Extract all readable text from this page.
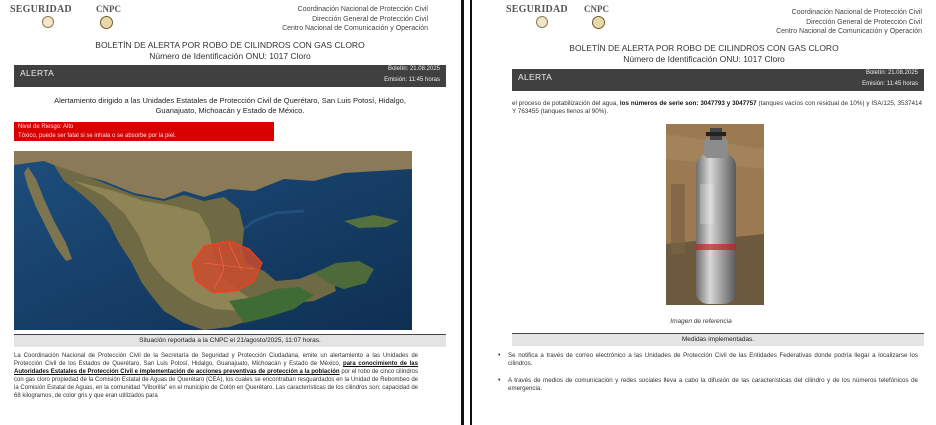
SEGURIDAD	CNPC	Coordinación Nacional de Protección Civil
Dirección General de Protección Civil
Centro Nacional de Comunicación y Operación
BOLETÍN DE ALERTA POR ROBO DE CILINDROS CON GAS CLORO
Número de Identificación ONU: 1017 Cloro
ALERTA	Boletín: 21.08.2025
Emisión: 11:45 horas
Alertamiento dirigido a las Unidades Estatales de Protección Civil de Querétaro, San Luis Potosí, Hidalgo, Guanajuato, Michoacán y Estado de México.
Nivel de Riesgo: Alto
Tóxico, puede ser fatal si se inhala o se absorbe por la piel.
Situación reportada a la CNPC el 21/agosto/2025, 11:07 horas.
La Coordinación Nacional de Protección Civil de la Secretaría de Seguridad y Protección Ciudadana, emite un alertamiento a las Unidades de Protección Civil de los Estados de Querétaro, San Luis Potosí, Hidalgo, Guanajuato, Michoacán y Estado de México, para conocimiento de las Autoridades Estatales de Protección Civil e implementación de acciones preventivas de protección a la población por el robo de cinco cilindros con gas cloro propiedad de la Comisión Estatal de Aguas de Querétaro (CEA), los cuales se encontraban resguardados en la Unidad de Rebombeo de la Comisión Estatal de Aguas, en la comunidad "Viborilla" en el municipio de Colón en Querétaro. Las características de los cilindros son: capacidad de 68 kilogramos, de color gris y que eran utilizados para
SEGURIDAD CNPC	Coordinación Nacional de Protección Civil
Dirección General de Protección Civil
Centro Nacional de Comunicación y Operación
BOLETÍN DE ALERTA POR ROBO DE CILINDROS CON GAS CLORO
Número de Identificación ONU: 1017 Cloro
ALERTA	Boletín: 21.08.2025
Emisión: 11:45 horas
el proceso de potabilización del agua, los números de serie son: 3047793 y 3047757 (tanques vacíos con residual de 10%) y ISA/125, 3537414 Y 763455 (tanques llenos al 90%).
Imagen de referencia
Medidas implementadas.
• Se notifica a través de correo electrónico a las Unidades de Protección Civil de las Entidades Federativas donde podría llegar a localizarse los cilindros.
• A través de medios de comunicación y redes sociales lleva a cabo la difusión de las características del cilindro y de los números telefónicos de emergencia.
